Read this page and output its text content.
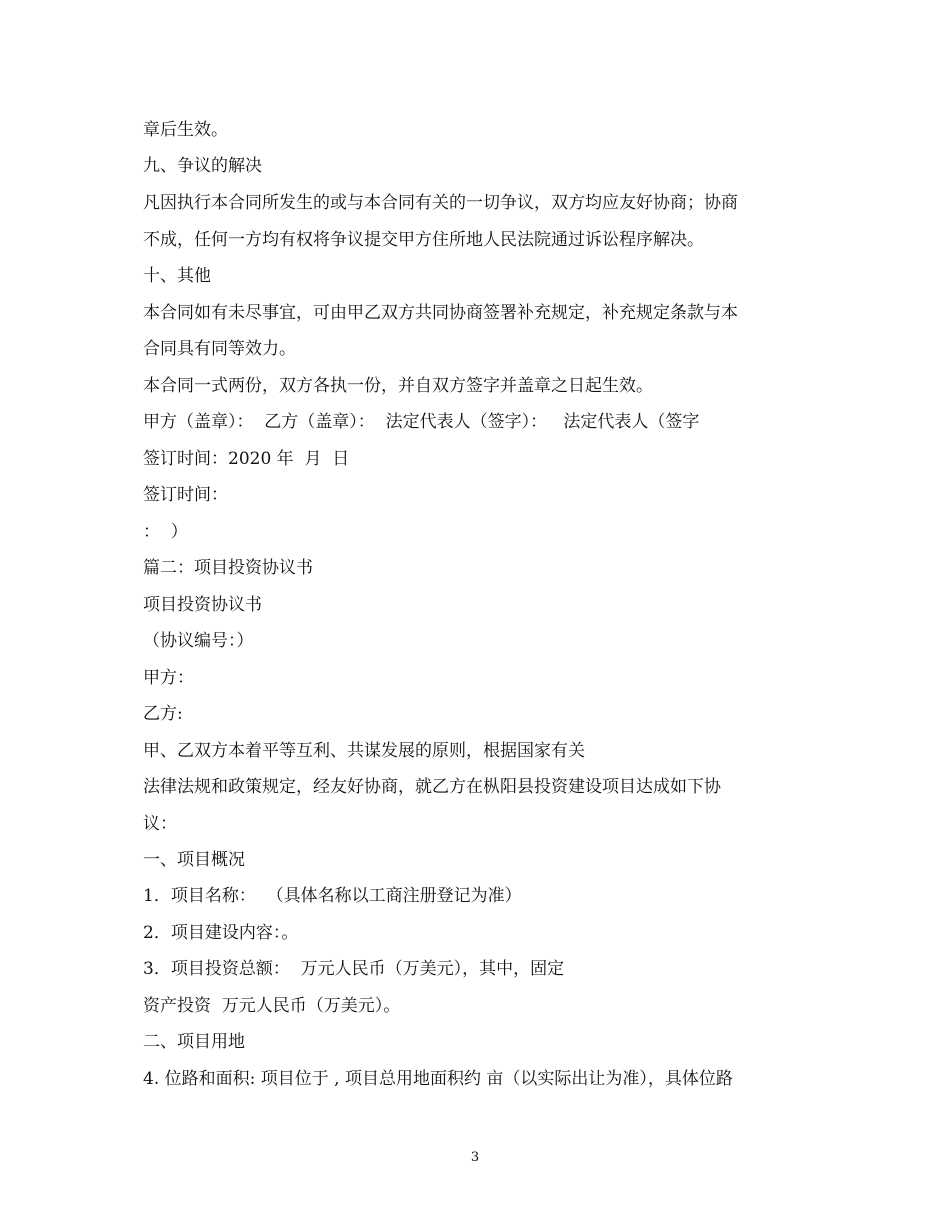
章后生效。

九、争议的解决

凡因执行本合同所发生的或与本合同有关的一切争议，双方均应友好协商；协商

不成，任何一方均有权将争议提交甲方住所地人民法院通过诉讼程序解决。

十、其他

本合同如有未尽事宜，可由甲乙双方共同协商签署补充规定，补充规定条款与本

合同具有同等效力。

本合同一式两份，双方各执一份，并自双方签字并盖章之日起生效。

甲方（盖章）：  乙方（盖章）：  法定代表人（签字）：   法定代表人（签字

签订时间：2020 年  月  日

签订时间：

：  ）

篇二：项目投资协议书

项目投资协议书

（协议编号：）

甲方：

乙方:

甲、乙双方本着平等互利、共谋发展的原则，根据国家有关

法律法规和政策规定，经友好协商，就乙方在枞阳县投资建设项目达成如下协

议：

一、项目概况

1．项目名称：  （具体名称以工商注册登记为准）

2．项目建设内容：。

3．项目投资总额：  万元人民币（万美元），其中，固定

资产投资  万元人民币（万美元）。

二、项目用地

4. 位路和面积: 项目位于 , 项目总用地面积约 亩（以实际出让为准），具体位路

3
